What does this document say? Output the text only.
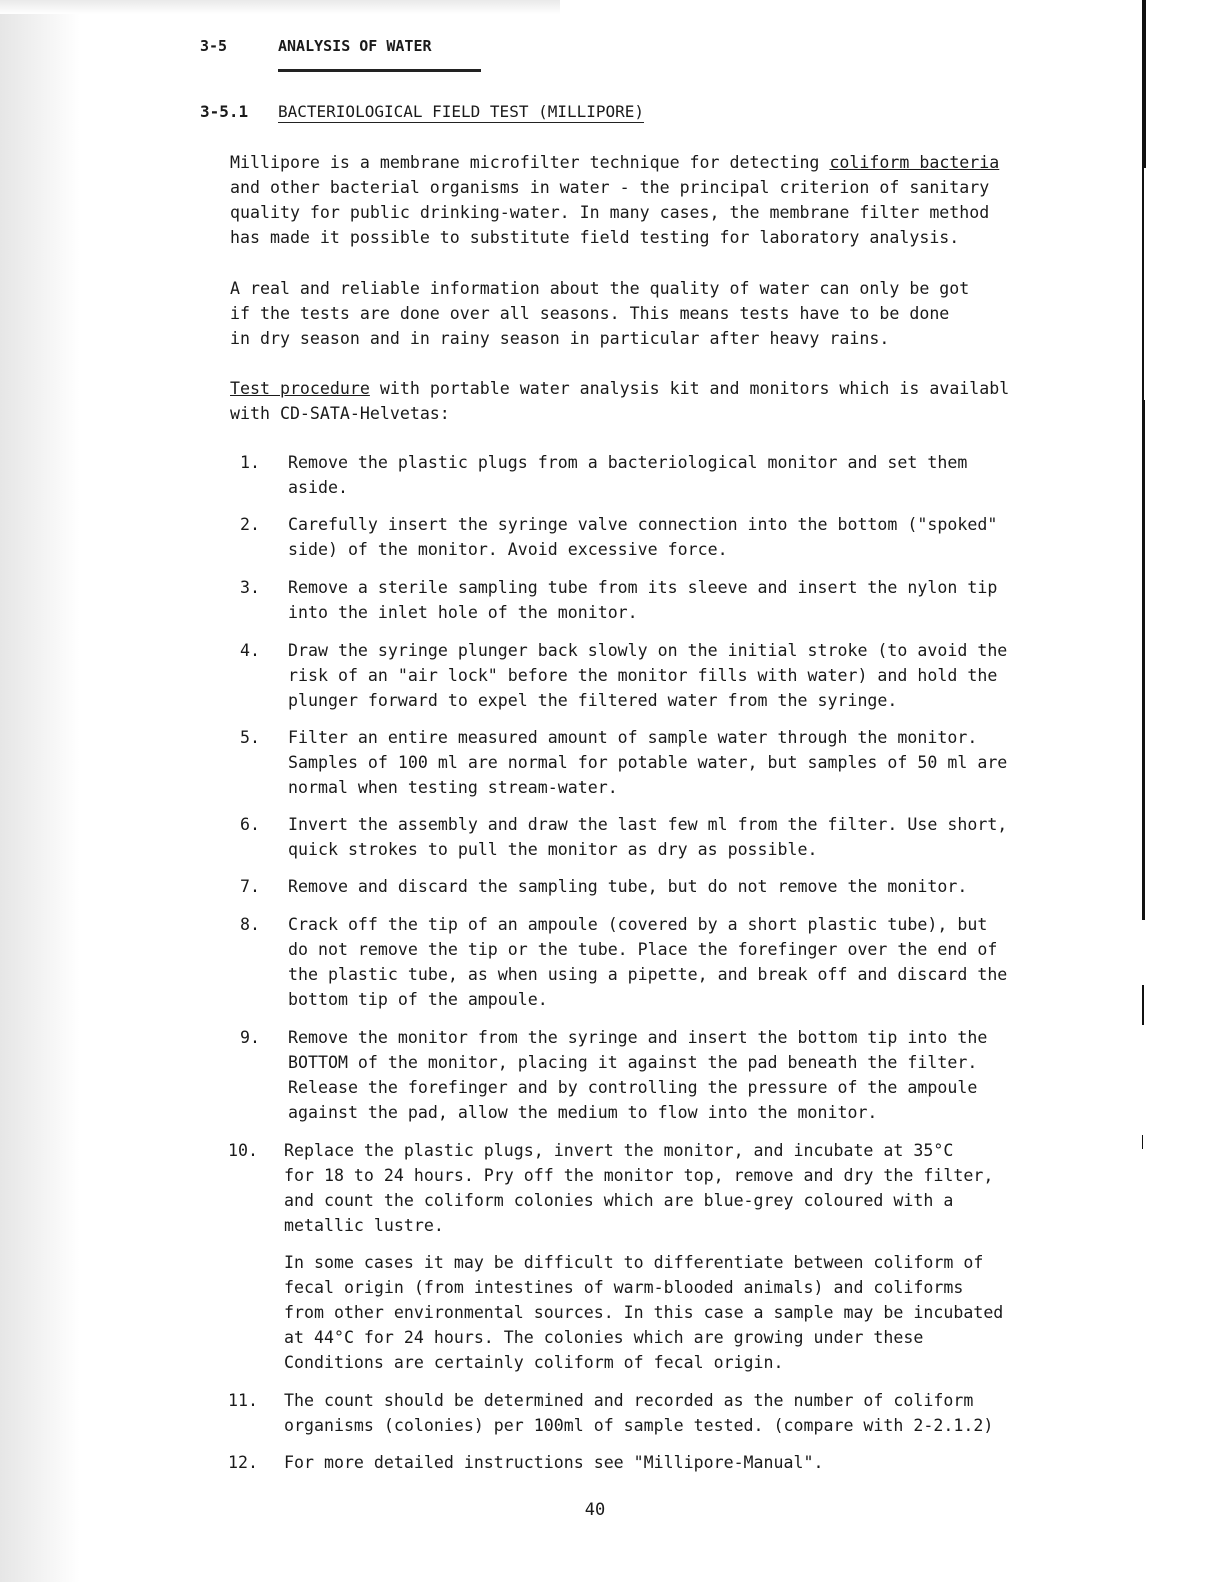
3-5	ANALYSIS OF WATER
3-5.1 BACTERIOLOGICAL FIELD TEST (MILLIPORE)
Millipore is a membrane microfilter technique for detecting coliform bacteria
and other bacterial organisms in water - the principal criterion of sanitary
quality for public drinking-water. In many cases, the membrane filter method
has made it possible to substitute field testing for laboratory analysis.
A real and reliable information about the quality of water can only be got
if the tests are done over all seasons. This means tests have to be done
in dry season and in rainy season in particular after heavy rains.
Test procedure with portable water analysis kit and monitors which is availabl
with CD-SATA-Helvetas:
1.	Remove the plastic plugs from a bacteriological monitor and set them
aside.
2.	Carefully insert the syringe valve connection into the bottom ("spoked"
side) of the monitor. Avoid excessive force.
3.	Remove a sterile sampling tube from its sleeve and insert the nylon tip
into the inlet hole of the monitor.
4.	Draw the syringe plunger back slowly on the initial stroke (to avoid the
risk of an "air lock" before the monitor fills with water) and hold the
plunger forward to expel the filtered water from the syringe.
5.	Filter an entire measured amount of sample water through the monitor.
Samples of 100 ml are normal for potable water, but samples of 50 ml are
normal when testing stream-water.
6.	Invert the assembly and draw the last few ml from the filter. Use short,
quick strokes to pull the monitor as dry as possible.
7.	Remove and discard the sampling tube, but do not remove the monitor.
8.	Crack off the tip of an ampoule (covered by a short plastic tube), but
do not remove the tip or the tube. Place the forefinger over the end of
the plastic tube, as when using a pipette, and break off and discard the
bottom tip of the ampoule.
9.	Remove the monitor from the syringe and insert the bottom tip into the
BOTTOM of the monitor, placing it against the pad beneath the filter.
Release the forefinger and by controlling the pressure of the ampoule
against the pad, allow the medium to flow into the monitor.
10.	Replace the plastic plugs, invert the monitor, and incubate at 35°C
for 18 to 24 hours. Pry off the monitor top, remove and dry the filter,
and count the coliform colonies which are blue-grey coloured with a
metallic lustre.
In some cases it may be difficult to differentiate between coliform of
fecal origin (from intestines of warm-blooded animals) and coliforms
from other environmental sources. In this case a sample may be incubated
at 44°C for 24 hours. The colonies which are growing under these
Conditions are certainly coliform of fecal origin.
11.	The count should be determined and recorded as the number of coliform
organisms (colonies) per 100ml of sample tested. (compare with 2-2.1.2)
12.	For more detailed instructions see "Millipore-Manual".
40
